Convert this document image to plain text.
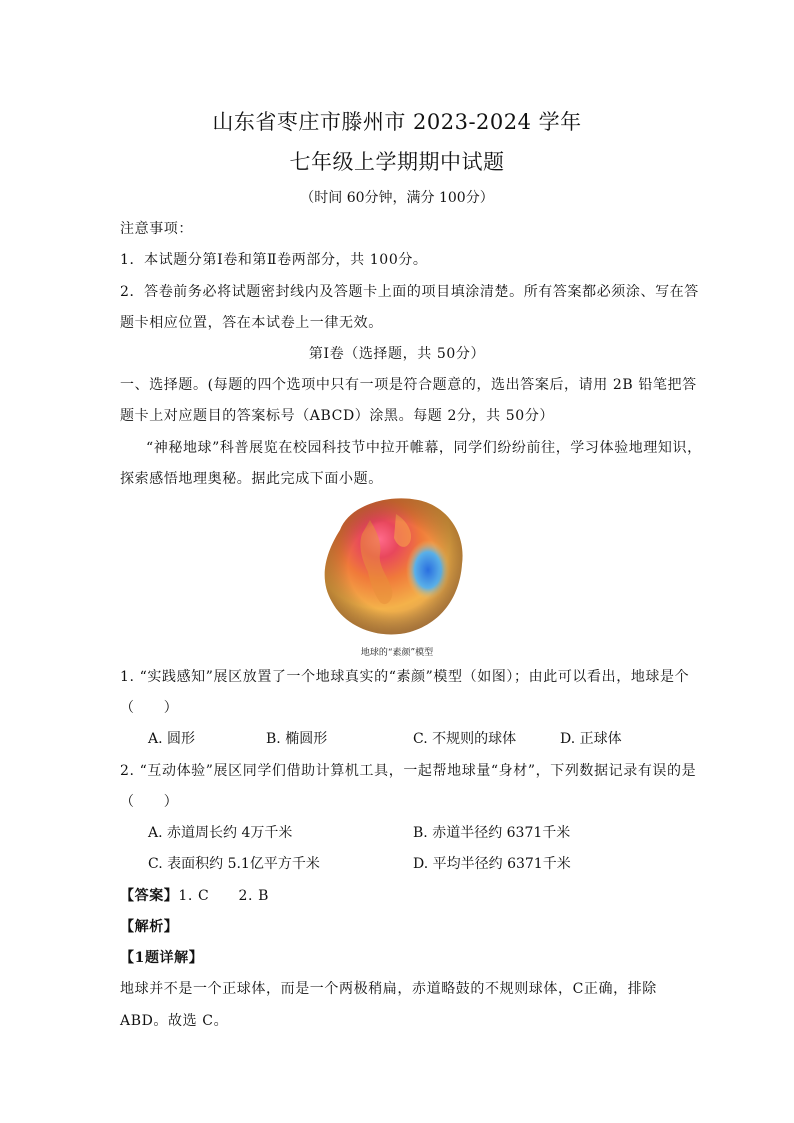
山东省枣庄市滕州市 2023-2024 学年
七年级上学期期中试题
（时间 60分钟，满分 100分）
注意事项：
1．本试题分第Ⅰ卷和第Ⅱ卷两部分，共 100分。
2．答卷前务必将试题密封线内及答题卡上面的项目填涂清楚。所有答案都必须涂、写在答
题卡相应位置，答在本试卷上一律无效。
第Ⅰ卷（选择题，共 50分）
一、选择题。(每题的四个选项中只有一项是符合题意的，选出答案后，请用 2B 铅笔把答
题卡上对应题目的答案标号（ABCD）涂黑。每题 2分，共 50分）
“神秘地球”科普展览在校园科技节中拉开帷幕，同学们纷纷前往，学习体验地理知识，
探索感悟地理奥秘。据此完成下面小题。
地球的“素颜”模型
1. “实践感知”展区放置了一个地球真实的“素颜”模型（如图）；由此可以看出，地球是个
（　　）
A. 圆形	B. 椭圆形	C. 不规则的球体	D. 正球体
2. “互动体验”展区同学们借助计算机工具，一起帮地球量“身材”，下列数据记录有误的是
（　　）
A. 赤道周长约 4万千米	B. 赤道半径约 6371千米
C. 表面积约 5.1亿平方千米	D. 平均半径约 6371千米
【答案】1. C　　2. B
【解析】
【1题详解】
地球并不是一个正球体，而是一个两极稍扁，赤道略鼓的不规则球体，C正确，排除
ABD。故选 C。
